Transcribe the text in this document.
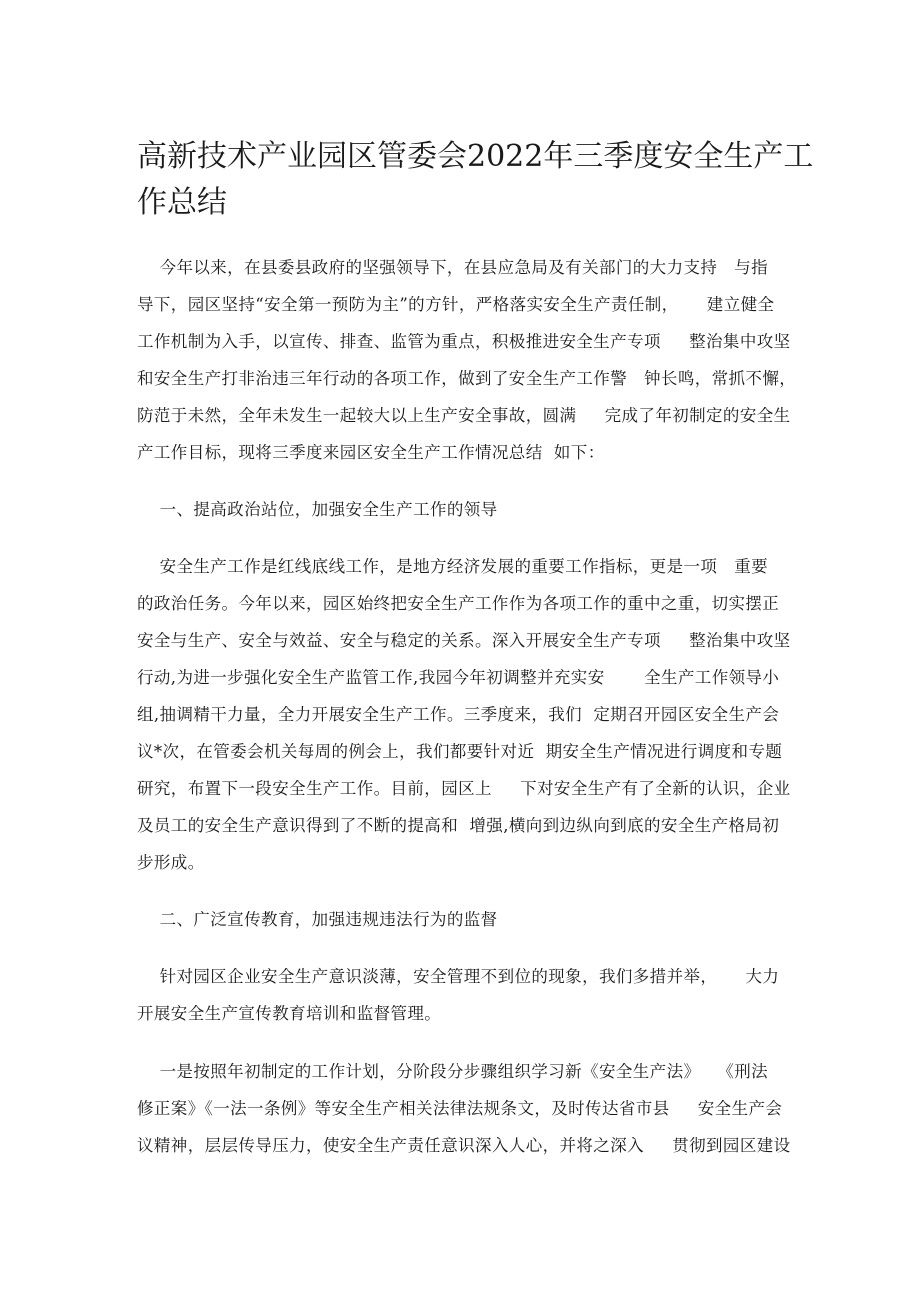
高新技术产业园区管委会2022年三季度安全生产工
作总结
今年以来，在县委县政府的坚强领导下，在县应急局及有关部门的大力支持   与指
导下，园区坚持“安全第一预防为主”的方针，严格落实安全生产责任制，     建立健全
工作机制为入手，以宣传、排查、监管为重点，积极推进安全生产专项     整治集中攻坚
和安全生产打非治违三年行动的各项工作，做到了安全生产工作警   钟长鸣，常抓不懈，
防范于未然，全年未发生一起较大以上生产安全事故，圆满     完成了年初制定的安全生
产工作目标，现将三季度来园区安全生产工作情况总结  如下：
一、提高政治站位，加强安全生产工作的领导
安全生产工作是红线底线工作，是地方经济发展的重要工作指标，更是一项   重要
的政治任务。今年以来，园区始终把安全生产工作作为各项工作的重中之重，切实摆正
安全与生产、安全与效益、安全与稳定的关系。深入开展安全生产专项     整治集中攻坚
行动,为进一步强化安全生产监管工作,我园今年初调整并充实安       全生产工作领导小
组,抽调精干力量，全力开展安全生产工作。三季度来，我们  定期召开园区安全生产会
议*次，在管委会机关每周的例会上，我们都要针对近  期安全生产情况进行调度和专题
研究，布置下一段安全生产工作。目前，园区上     下对安全生产有了全新的认识，企业
及员工的安全生产意识得到了不断的提高和  增强,横向到边纵向到底的安全生产格局初
步形成。
二、广泛宣传教育，加强违规违法行为的监督
针对园区企业安全生产意识淡薄，安全管理不到位的现象，我们多措并举，     大力
开展安全生产宣传教育培训和监督管理。
一是按照年初制定的工作计划，分阶段分步骤组织学习新《安全生产法》   《刑法
修正案》《一法一条例》等安全生产相关法律法规条文，及时传达省市县     安全生产会
议精神，层层传导压力，使安全生产责任意识深入人心，并将之深入     贯彻到园区建设
